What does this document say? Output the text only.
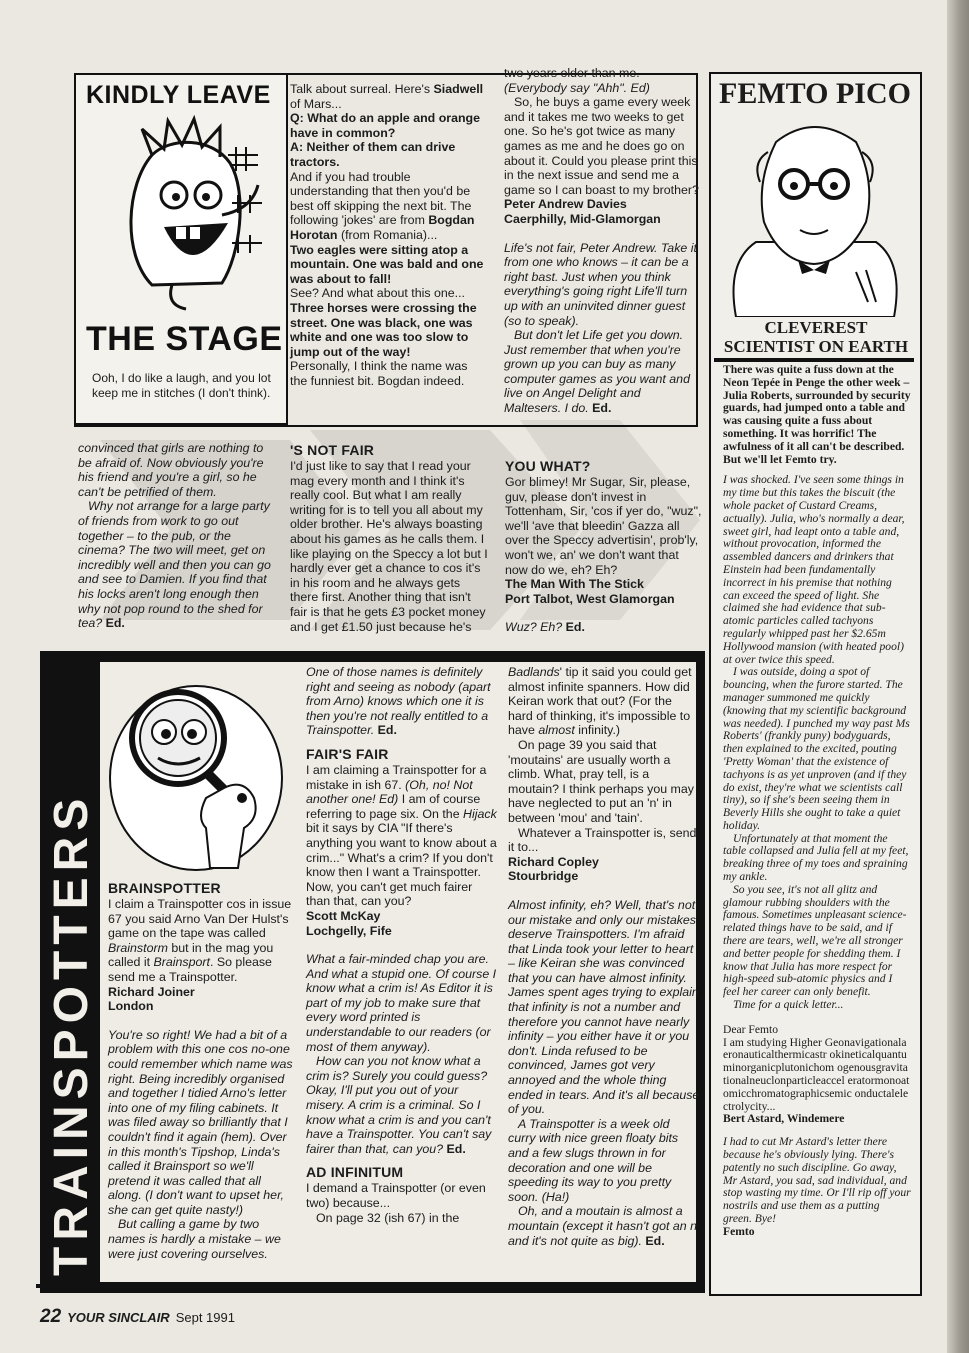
KINDLY LEAVE
THE STAGE
Ooh, I do like a laugh, and you lot keep me in stitches (I don't think).
Talk about surreal. Here's Siadwell of Mars...
Q: What do an apple and orange have in common?
A: Neither of them can drive tractors.
And if you had trouble understanding that then you'd be best off skipping the next bit. The following 'jokes' are from Bogdan Horotan (from Romania)...
Two eagles were sitting atop a mountain. One was bald and one was about to fall!
See? And what about this one...
Three horses were crossing the street. One was black, one was white and one was too slow to jump out of the way!
Personally, I think the name was the funniest bit. Bogdan indeed.
two years older than me.
(Everybody say "Ahh". Ed)
So, he buys a game every week and it takes me two weeks to get one. So he's got twice as many games as me and he does go on about it. Could you please print this in the next issue and send me a game so I can boast to my brother?
Peter Andrew Davies
Caerphilly, Mid-Glamorgan
Life's not fair, Peter Andrew. Take it from one who knows – it can be a right bast. Just when you think everything's going right Life'll turn up with an uninvited dinner guest (so to speak).
But don't let Life get you down. Just remember that when you're grown up you can buy as many computer games as you want and live on Angel Delight and Maltesers. I do. Ed.
convinced that girls are nothing to be afraid of. Now obviously you're his friend and you're a girl, so he can't be petrified of them.
Why not arrange for a large party of friends from work to go out together – to the pub, or the cinema? The two will meet, get on incredibly well and then you can go and see to Damien. If you find that his locks aren't long enough then why not pop round to the shed for tea? Ed.
'S NOT FAIR
I'd just like to say that I read your mag every month and I think it's really cool. But what I am really writing for is to tell you all about my older brother. He's always boasting about his games as he calls them. I like playing on the Speccy a lot but I hardly ever get a chance to cos it's in his room and he always gets there first. Another thing that isn't fair is that he gets £3 pocket money and I get £1.50 just because he's
YOU WHAT?
Gor blimey! Mr Sugar, Sir, please, guv, please don't invest in Tottenham, Sir, 'cos if yer do, "wuz", we'll 'ave that bleedin' Gazza all over the Speccy advertisin', prob'ly, won't we, an' we don't want that now do we, eh? Eh?
The Man With The Stick
Port Talbot, West Glamorgan
Wuz? Eh? Ed.
TRAINSPOTTERS BRAINSPOTTER
I claim a Trainspotter cos in issue 67 you said Arno Van Der Hulst's game on the tape was called Brainstorm but in the mag you called it Brainsport. So please send me a Trainspotter.
Richard Joiner
London
You're so right! We had a bit of a problem with this one cos no-one could remember which name was right. Being incredibly organised and together I tidied Arno's letter into one of my filing cabinets. It was filed away so brilliantly that I couldn't find it again (hem). Over in this month's Tipshop, Linda's called it Brainsport so we'll pretend it was called that all along. (I don't want to upset her, she can get quite nasty!)
But calling a game by two names is hardly a mistake – we were just covering ourselves.
One of those names is definitely right and seeing as nobody (apart from Arno) knows which one it is then you're not really entitled to a Trainspotter. Ed.
FAIR'S FAIR
I am claiming a Trainspotter for a mistake in ish 67. (Oh, no! Not another one! Ed) I am of course referring to page six. On the Hijack bit it says by CIA "If there's anything you want to know about a crim..." What's a crim? If you don't know then I want a Trainspotter. Now, you can't get much fairer than that, can you?
Scott McKay
Lochgelly, Fife
What a fair-minded chap you are. And what a stupid one. Of course I know what a crim is! As Editor it is part of my job to make sure that every word printed is understandable to our readers (or most of them anyway).
How can you not know what a crim is? Surely you could guess? Okay, I'll put you out of your misery. A crim is a criminal. So I know what a crim is and you can't have a Trainspotter. You can't say fairer than that, can you? Ed.
AD INFINITUM
I demand a Trainspotter (or even two) because...
On page 32 (ish 67) in the
Badlands' tip it said you could get almost infinite spanners. How did Keiran work that out? (For the hard of thinking, it's impossible to have almost infinity.)
On page 39 you said that 'moutains' are usually worth a climb. What, pray tell, is a moutain? I think perhaps you may have neglected to put an 'n' in between 'mou' and 'tain'.
Whatever a Trainspotter is, send it to...
Richard Copley
Stourbridge
Almost infinity, eh? Well, that's not our mistake and only our mistakes deserve Trainspotters. I'm afraid that Linda took your letter to heart – like Keiran she was convinced that you can have almost infinity. James spent ages trying to explain that infinity is not a number and therefore you cannot have nearly infinity – you either have it or you don't. Linda refused to be convinced, James got very annoyed and the whole thing ended in tears. And it's all because of you.
A Trainspotter is a week old curry with nice green floaty bits and a few slugs thrown in for decoration and one will be speeding its way to you pretty soon. (Ha!)
Oh, and a moutain is almost a mountain (except it hasn't got an n and it's not quite as big). Ed.
FEMTO PICO
CLEVEREST SCIENTIST ON EARTH
There was quite a fuss down at the Neon Tepée in Penge the other week – Julia Roberts, surrounded by security guards, had jumped onto a table and was causing quite a fuss about something. It was horrific! The awfulness of it all can't be described. But we'll let Femto try.
I was shocked. I've seen some things in my time but this takes the biscuit (the whole packet of Custard Creams, actually). Julia, who's normally a dear, sweet girl, had leapt onto a table and, without provocation, informed the assembled dancers and drinkers that Einstein had been fundamentally incorrect in his premise that nothing can exceed the speed of light. She claimed she had evidence that sub-atomic particles called tachyons regularly whipped past her $2.65m Hollywood mansion (with heated pool) at over twice this speed.
I was outside, doing a spot of bouncing, when the furore started. The manager summoned me quickly (knowing that my scientific background was needed). I punched my way past Ms Roberts' (frankly puny) bodyguards, then explained to the excited, pouting 'Pretty Woman' that the existence of tachyons is as yet unproven (and if they do exist, they're what we scientists call tiny), so if she's been seeing them in Beverly Hills she ought to take a quiet holiday.
Unfortunately at that moment the table collapsed and Julia fell at my feet, breaking three of my toes and spraining my ankle.
So you see, it's not all glitz and glamour rubbing shoulders with the famous. Sometimes unpleasant science-related things have to be said, and if there are tears, well, we're all stronger and better people for shedding them. I know that Julia has more respect for high-speed sub-atomic physics and I feel her career can only benefit.
Time for a quick letter...
Dear Femto
I am studying Higher Geonavigationalaeronauticalthermicastr okineticalquantuminorganicplutonichom ogenousgravitationalneuclonparticleaccel eratormonoatomicchromatographicsemic onductalelectrolycity...
Bert Astard, Windemere
I had to cut Mr Astard's letter there because he's obviously lying. There's patently no such discipline. Go away, Mr Astard, you sad, sad individual, and stop wasting my time. Or I'll rip off your nostrils and use them as a putting green. Bye!
Femto
22 YOUR SINCLAIR Sept 1991
